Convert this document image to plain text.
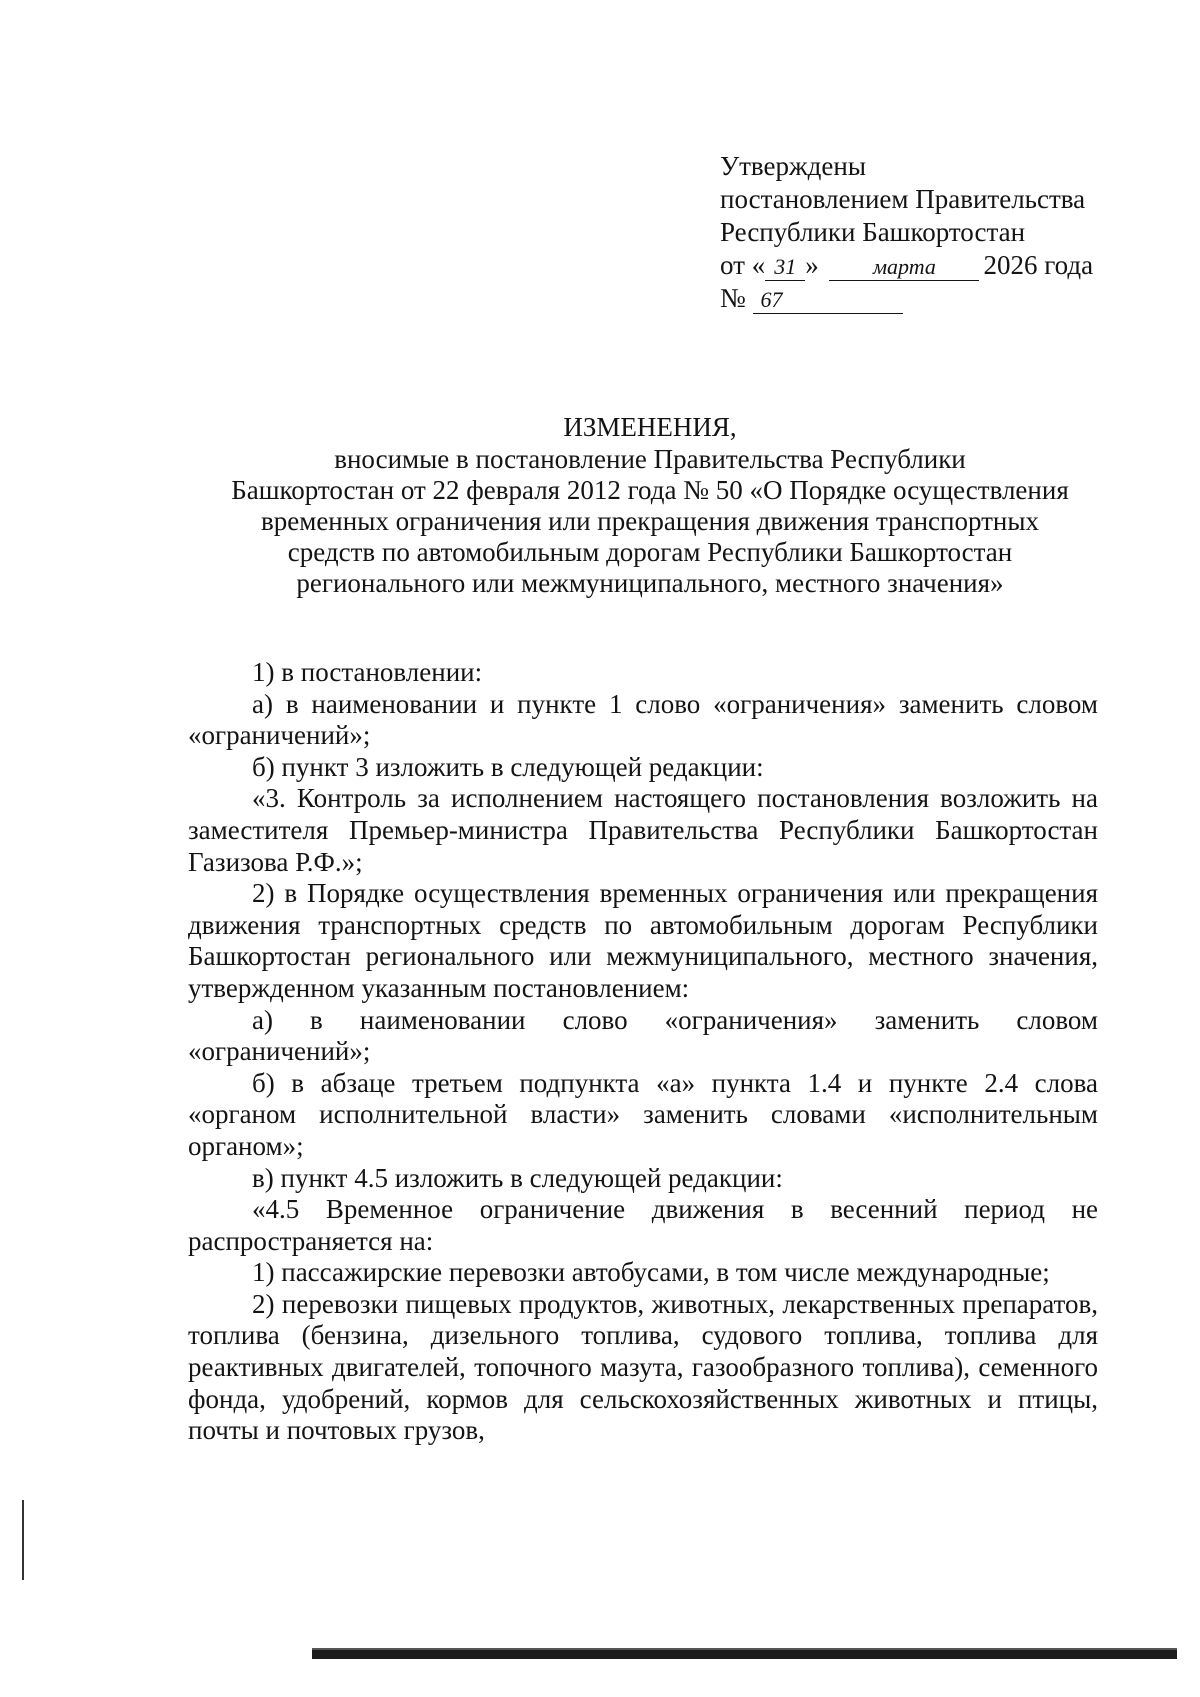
Утверждены
постановлением Правительства
Республики Башкортостан
от « 31 » марта 2026 года
№ 67
ИЗМЕНЕНИЯ,
вносимые в постановление Правительства Республики
Башкортостан от 22 февраля 2012 года № 50 «О Порядке осуществления
временных ограничения или прекращения движения транспортных
средств по автомобильным дорогам Республики Башкортостан
регионального или межмуниципального, местного значения»

1) в постановлении:

а) в наименовании и пункте 1 слово «ограничения» заменить словом «ограничений»;

б) пункт 3 изложить в следующей редакции:

«3. Контроль за исполнением настоящего постановления возложить на заместителя Премьер-министра Правительства Республики Башкортостан Газизова Р.Ф.»;

2) в Порядке осуществления временных ограничения или прекращения движения транспортных средств по автомобильным дорогам Республики Башкортостан регионального или межмуниципального, местного значения, утвержденном указанным постановлением:

а) в наименовании слово «ограничения» заменить словом «ограничений»;

б) в абзаце третьем подпункта «а» пункта 1.4 и пункте 2.4 слова «органом исполнительной власти» заменить словами «исполнительным органом»;

в) пункт 4.5 изложить в следующей редакции:

«4.5 Временное ограничение движения в весенний период не распространяется на:

1) пассажирские перевозки автобусами, в том числе международные;

2) перевозки пищевых продуктов, животных, лекарственных препаратов, топлива (бензина, дизельного топлива, судового топлива, топлива для реактивных двигателей, топочного мазута, газообразного топлива), семенного фонда, удобрений, кормов для сельскохозяйственных животных и птицы, почты и почтовых грузов,
